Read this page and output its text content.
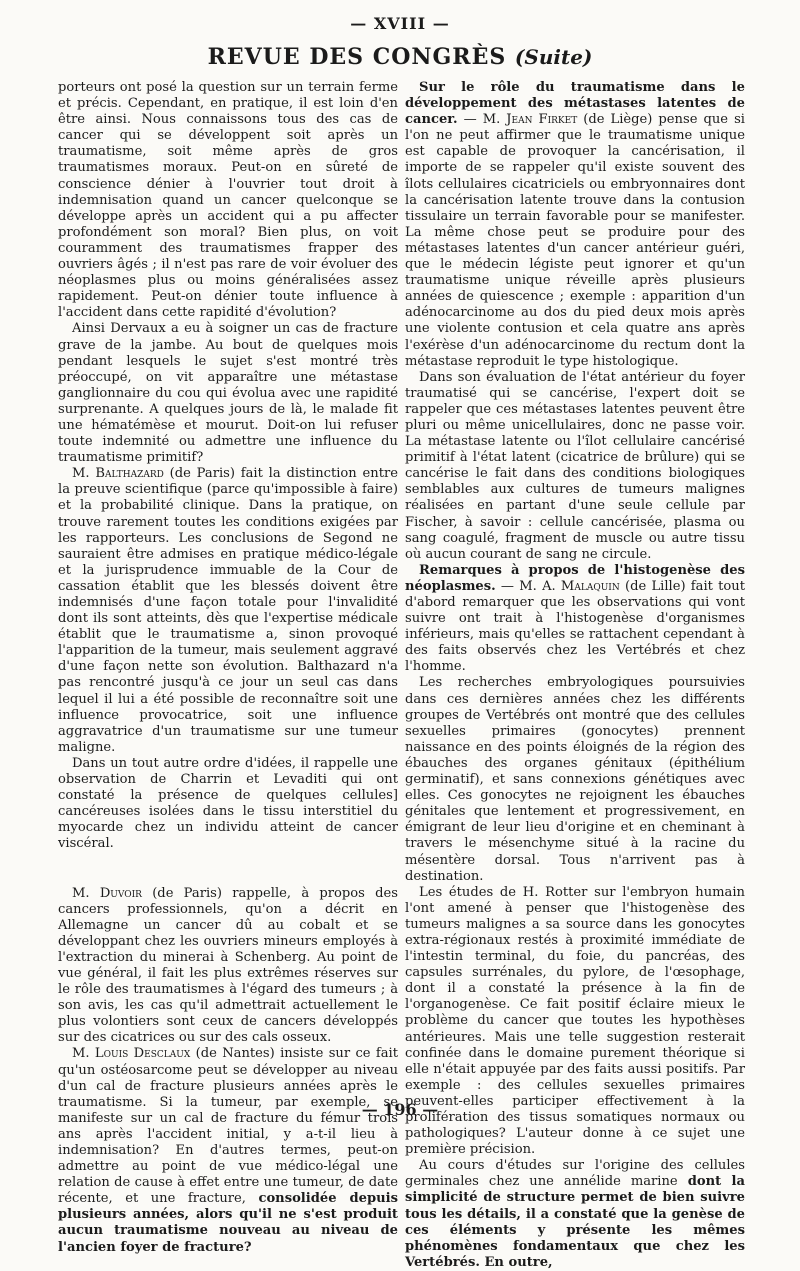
— XVIII —
REVUE DES CONGRÈS (Suite)

porteurs ont posé la question sur un terrain ferme et précis. Cependant, en pratique, il est loin d'en être ainsi. Nous connaissons tous des cas de cancer qui se développent soit après un traumatisme, soit même après de gros traumatismes moraux. Peut-on en sûreté de conscience dénier à l'ouvrier tout droit à indemnisation quand un cancer quelconque se développe après un accident qui a pu affecter profondément son moral? Bien plus, on voit couramment des traumatismes frapper des ouvriers âgés ; il n'est pas rare de voir évoluer des néoplasmes plus ou moins généralisées assez rapidement. Peut-on dénier toute influence à l'accident dans cette rapidité d'évolution?

Ainsi Dervaux a eu à soigner un cas de fracture grave de la jambe. Au bout de quelques mois pendant lesquels le sujet s'est montré très préoccupé, on vit apparaître une métastase ganglionnaire du cou qui évolua avec une rapidité surprenante. A quelques jours de là, le malade fit une hématémèse et mourut. Doit-on lui refuser toute indemnité ou admettre une influence du traumatisme primitif?

M. Balthazard (de Paris) fait la distinction entre la preuve scientifique (parce qu'impossible à faire) et la probabilité clinique. Dans la pratique, on trouve rarement toutes les conditions exigées par les rapporteurs. Les conclusions de Segond ne sauraient être admises en pratique médico-légale et la jurisprudence immuable de la Cour de cassation établit que les blessés doivent être indemnisés d'une façon totale pour l'invalidité dont ils sont atteints, dès que l'expertise médicale établit que le traumatisme a, sinon provoqué l'apparition de la tumeur, mais seulement aggravé d'une façon nette son évolution. Balthazard n'a pas rencontré jusqu'à ce jour un seul cas dans lequel il lui a été possible de reconnaître soit une influence provocatrice, soit une influence aggravatrice d'un traumatisme sur une tumeur maligne.

Dans un tout autre ordre d'idées, il rappelle une observation de Charrin et Levaditi qui ont constaté la présence de quelques cellules] cancéreuses isolées dans le tissu interstitiel du myocarde chez un individu atteint de cancer viscéral.

M. Duvoir (de Paris) rappelle, à propos des cancers professionnels, qu'on a décrit en Allemagne un cancer dû au cobalt et se développant chez les ouvriers mineurs employés à l'extraction du minerai à Schenberg. Au point de vue général, il fait les plus extrêmes réserves sur le rôle des traumatismes à l'égard des tumeurs ; à son avis, les cas qu'il admettrait actuellement le plus volontiers sont ceux de cancers développés sur des cicatrices ou sur des cals osseux.

M. Louis Desclaux (de Nantes) insiste sur ce fait qu'un ostéosarcome peut se développer au niveau d'un cal de fracture plusieurs années après le traumatisme. Si la tumeur, par exemple, se manifeste sur un cal de fracture du fémur trois ans après l'accident initial, y a-t-il lieu à indemnisation? En d'autres termes, peut-on admettre au point de vue médico-légal une relation de cause à effet entre une tumeur, de date récente, et une fracture, consolidée depuis plusieurs années, alors qu'il ne s'est produit aucun traumatisme nouveau au niveau de l'ancien foyer de fracture?

Sur le rôle du traumatisme dans le développement des métastases latentes de cancer. — M. Jean Firket (de Liège) pense que si l'on ne peut affirmer que le traumatisme unique est capable de provoquer la cancérisation, il importe de se rappeler qu'il existe souvent des îlots cellulaires cicatriciels ou embryonnaires dont la cancérisation latente trouve dans la contusion tissulaire un terrain favorable pour se manifester. La même chose peut se produire pour des métastases latentes d'un cancer antérieur guéri, que le médecin légiste peut ignorer et qu'un traumatisme unique réveille après plusieurs années de quiescence ; exemple : apparition d'un adénocarcinome au dos du pied deux mois après une violente contusion et cela quatre ans après l'exérèse d'un adénocarcinome du rectum dont la métastase reproduit le type histologique.

Dans son évaluation de l'état antérieur du foyer traumatisé qui se cancérise, l'expert doit se rappeler que ces métastases latentes peuvent être pluri ou même unicellulaires, donc ne passe voir. La métastase latente ou l'îlot cellulaire cancérisé primitif à l'état latent (cicatrice de brûlure) qui se cancérise le fait dans des conditions biologiques semblables aux cultures de tumeurs malignes réalisées en partant d'une seule cellule par Fischer, à savoir : cellule cancérisée, plasma ou sang coagulé, fragment de muscle ou autre tissu où aucun courant de sang ne circule.

Remarques à propos de l'histogenèse des néoplasmes. — M. A. Malaquin (de Lille) fait tout d'abord remarquer que les observations qui vont suivre ont trait à l'histogenèse d'organismes inférieurs, mais qu'elles se rattachent cependant à des faits observés chez les Vertébrés et chez l'homme.

Les recherches embryologiques poursuivies dans ces dernières années chez les différents groupes de Vertébrés ont montré que des cellules sexuelles primaires (gonocytes) prennent naissance en des points éloignés de la région des ébauches des organes génitaux (épithélium germinatif), et sans connexions génétiques avec elles. Ces gonocytes ne rejoignent les ébauches génitales que lentement et progressivement, en émigrant de leur lieu d'origine et en cheminant à travers le mésenchyme situé à la racine du mésentère dorsal. Tous n'arrivent pas à destination.

Les études de H. Rotter sur l'embryon humain l'ont amené à penser que l'histogenèse des tumeurs malignes a sa source dans les gonocytes extra-régionaux restés à proximité immédiate de l'intestin terminal, du foie, du pancréas, des capsules surrénales, du pylore, de l'œsophage, dont il a constaté la présence à la fin de l'organogenèse. Ce fait positif éclaire mieux le problème du cancer que toutes les hypothèses antérieures. Mais une telle suggestion resterait confinée dans le domaine purement théorique si elle n'était appuyée par des faits aussi positifs. Par exemple : des cellules sexuelles primaires peuvent-elles participer effectivement à la prolifération des tissus somatiques normaux ou pathologiques? L'auteur donne à ce sujet une première précision.

Au cours d'études sur l'origine des cellules germinales chez une annélide marine dont la simplicité de structure permet de bien suivre tous les détails, il a constaté que la genèse de ces éléments y présente les mêmes phénomènes fondamentaux que chez les Vertébrés. En outre,

— 196 —
